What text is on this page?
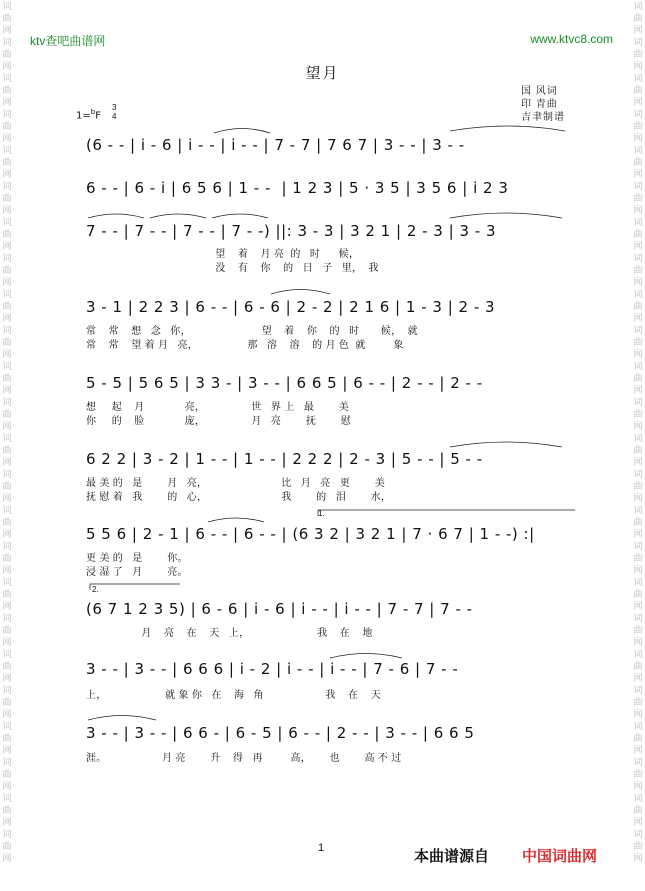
词
曲
网
词
曲
网
词
曲
网
词
曲
网
词
曲
网
词
曲
网
词
曲
网
词
曲
网
词
曲
网
词
曲
网
词
曲
网
词
曲
网
词
曲
网
词
曲
网
词
曲
网
词
曲
网
词
曲
网
词
曲
网
词
曲
网
词
曲
网
词
曲
网
词
曲
网
词
曲
网
词
曲
网
词
曲
网
词
曲
网
词
曲
网
词
曲
网
词
曲
网
词
曲
网
词
曲
网
词
曲
网
词
曲
网
词
曲
网
词
曲
网
词
曲
网
词
曲
网
词
曲
网
词
曲
网
词
曲
网
词
曲
网
词
曲
网
词
曲
网
词
曲
网
词
曲
网
词
曲
网
词
曲
网
词
曲
网
ktv查吧曲谱网	www.ktvc8.com
望月
国 风词
印 青曲
吉聿制谱
1=$^b$F
3
4
(6 - - | i - 6 | i - - | i - - | 7 - 7 | 7 6 7 | 3 - - | 3 - -
6 - - | 6 - i | 6 5 6 | 1 - -  | 1 2 3 | 5 · 3 5 | 3 5 6 | i 2 3
7 - - | 7 - - | 7 - - | 7 - -) ||: 3 - 3 | 3 2 1 | 2 - 3 | 3 - 3
望    着    月 亮  的   时      候，
没    有    你    的   日   子   里，  我
3 - 1 | 2 2 3 | 6 - - | 6 - 6 | 2 - 2 | 2 1 6 | 1 - 3 | 2 - 3
常    常    想   念   你，                       望    着    你    的   时       候，  就
常    常    望 着 月   亮，                那   溶    溶    的 月 色  就         象
5 - 5 | 5 6 5 | 3 3 - | 3 - - | 6 6 5 | 6 - - | 2 - - | 2 - -
想     起    月             亮，               世   界 上   最        美
你     的    脸             庞，               月   亮        抚        慰
6 2 2 | 3 - 2 | 1 - - | 1 - - | 2 2 2 | 2 - 3 | 5 - - | 5 - -
最 美 的   是        月   亮，                        比   月   亮   更        美
抚 慰 着   我        的   心，                        我        的   泪        水，
1.
5 5 6 | 2 - 1 | 6 - - | 6 - - | (6 3 2 | 3 2 1 | 7 · 6 7 | 1 - -) :|
更 美 的   是        你。
浸 湿 了   月        亮。
2.
(6 7 1 2 3 5) | 6 - 6 | i - 6 | i - - | i - - | 7 - 7 | 7 - -
月    亮    在    天   上，                      我    在    地
3 - - | 3 - - | 6 6 6 | i - 2 | i - - | i - - | 7 - 6 | 7 - -
上，                   就 象 你   在    海   角                    我    在    天
3 - - | 3 - - | 6 6 - | 6 - 5 | 6 - - | 2 - - | 3 - - | 6 6 5
涯。                  月 亮        升    得   再         高，      也        高 不 过
1	本曲谱源自 中国词曲网
